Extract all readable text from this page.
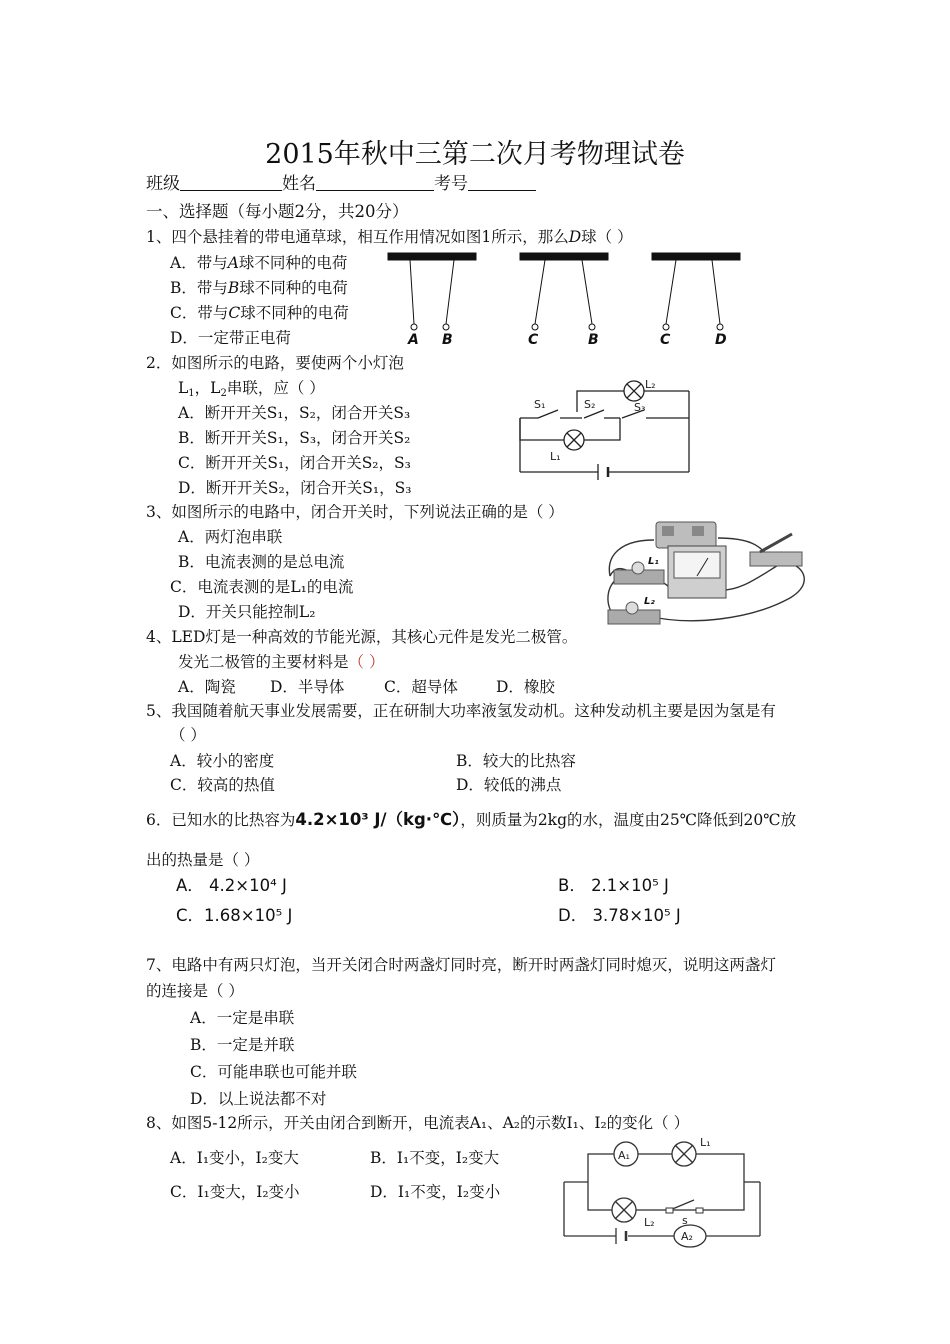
2015年秋中三第二次月考物理试卷
班级	姓名	考号
一、选择题（每小题2分，共20分）
1、四个悬挂着的带电通草球，相互作用情况如图1所示，那么D球（ ）
A．带与A球不同种的电荷
B．带与B球不同种的电荷
C．带与C球不同种的电荷
D．一定带正电荷	A B	C	B	C	D
2．如图所示的电路，要使两个小灯泡
$L_1$，$L_2$串联，应（ ）
A．断开开关S₁，S₂，闭合开关S₃
B．断开开关S₁，S₃，闭合开关S₂
C．断开开关S₁，闭合开关S₂，S₃
D．断开开关S₂，闭合开关S₁，S₃
S₁	S₂	S₃
L₂
L₁
3、如图所示的电路中，闭合开关时，下列说法正确的是（ ）
A．两灯泡串联
B．电流表测的是总电流
C．电流表测的是L₁的电流
D．开关只能控制L₂
L₁
L₂
4、LED灯是一种高效的节能光源，其核心元件是发光二极管。
发光二极管的主要材料是（ ）
A．陶瓷 D．半导体	C．超导体 D．橡胶
5、我国随着航天事业发展需要，正在研制大功率液氢发动机。这种发动机主要是因为氢是有
（ ）
A．较小的密度	B．较大的比热容
C．较高的热值	D．较低的沸点
6．已知水的比热容为4.2×10³ J/（kg·℃），则质量为2kg的水，温度由25℃降低到20℃放
出的热量是（ ）
A． 4.2×10⁴ J	B． 2.1×10⁵ J
C．1.68×10⁵ J	D． 3.78×10⁵ J
7、电路中有两只灯泡，当开关闭合时两盏灯同时亮，断开时两盏灯同时熄灭，说明这两盏灯
的连接是（ ）
A．一定是串联
B．一定是并联
C．可能串联也可能并联
D．以上说法都不对
8、如图5-12所示，开关由闭合到断开，电流表A₁、A₂的示数I₁、I₂的变化（ ）
A．I₁变小，I₂变大	B．I₁不变，I₂变大
C．I₁变大，I₂变小	D．I₁不变，I₂变小
A₁
L₁
L₂ s
A₂
